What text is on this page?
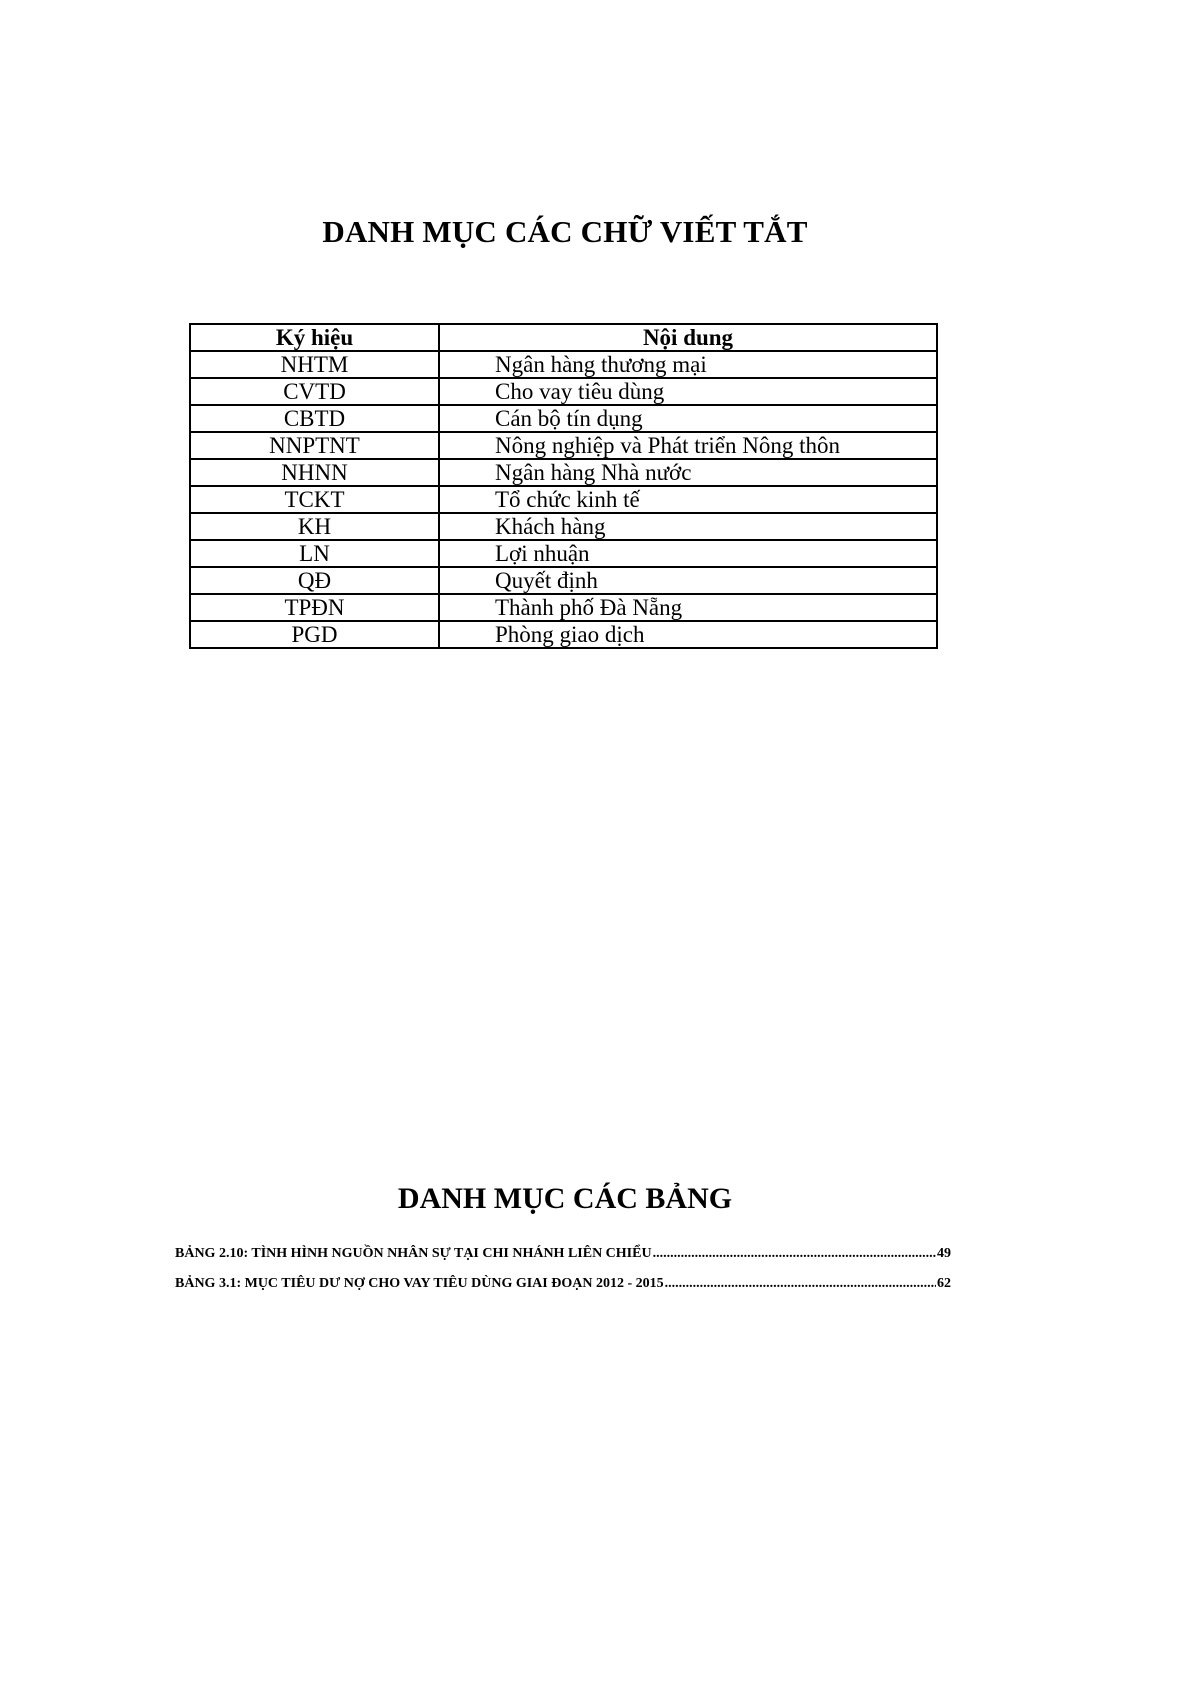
DANH MỤC CÁC CHỮ VIẾT TẮT
Ký hiệu	Nội dung
NHTM	Ngân hàng thương mại
CVTD	Cho vay tiêu dùng
CBTD	Cán bộ tín dụng
NNPTNT	Nông nghiệp và Phát triển Nông thôn
NHNN	Ngân hàng Nhà nước
TCKT	Tổ chức kinh tế
KH	Khách hàng
LN	Lợi nhuận
QĐ	Quyết định
TPĐN	Thành phố Đà Nẵng
PGD	Phòng giao dịch
DANH MỤC CÁC BẢNG
BẢNG 2.10: TÌNH HÌNH NGUỒN NHÂN SỰ TẠI CHI NHÁNH LIÊN CHIỂU .....	49
BẢNG 3.1: MỤC TIÊU DƯ NỢ CHO VAY TIÊU DÙNG GIAI ĐOẠN 2012 - 2015 .....	62
